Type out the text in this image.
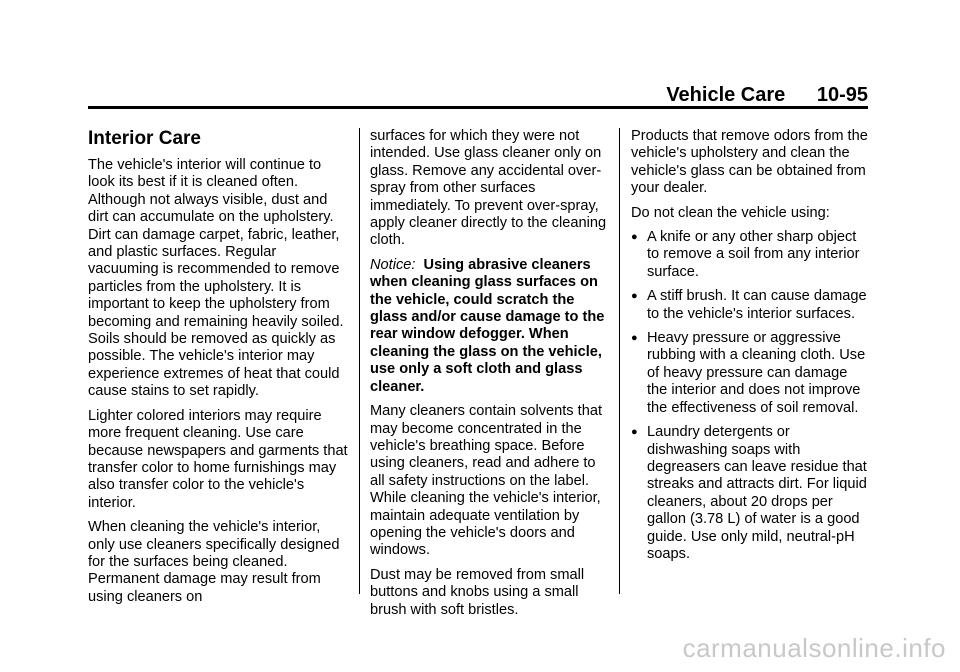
Vehicle Care 10-95
Interior Care

The vehicle's interior will continue to look its best if it is cleaned often. Although not always visible, dust and dirt can accumulate on the upholstery. Dirt can damage carpet, fabric, leather, and plastic surfaces. Regular vacuuming is recommended to remove particles from the upholstery. It is important to keep the upholstery from becoming and remaining heavily soiled. Soils should be removed as quickly as possible. The vehicle's interior may experience extremes of heat that could cause stains to set rapidly.

Lighter colored interiors may require more frequent cleaning. Use care because newspapers and garments that transfer color to home furnishings may also transfer color to the vehicle's interior.

When cleaning the vehicle's interior, only use cleaners specifically designed for the surfaces being cleaned. Permanent damage may result from using cleaners on

surfaces for which they were not intended. Use glass cleaner only on glass. Remove any accidental over-spray from other surfaces immediately. To prevent over-spray, apply cleaner directly to the cleaning cloth.

Notice: Using abrasive cleaners when cleaning glass surfaces on the vehicle, could scratch the glass and/or cause damage to the rear window defogger. When cleaning the glass on the vehicle, use only a soft cloth and glass cleaner.

Many cleaners contain solvents that may become concentrated in the vehicle's breathing space. Before using cleaners, read and adhere to all safety instructions on the label. While cleaning the vehicle's interior, maintain adequate ventilation by opening the vehicle's doors and windows.

Dust may be removed from small buttons and knobs using a small brush with soft bristles.

Products that remove odors from the vehicle's upholstery and clean the vehicle's glass can be obtained from your dealer.

Do not clean the vehicle using:

● A knife or any other sharp object to remove a soil from any interior surface.
● A stiff brush. It can cause damage to the vehicle's interior surfaces.
● Heavy pressure or aggressive rubbing with a cleaning cloth. Use of heavy pressure can damage the interior and does not improve the effectiveness of soil removal.
● Laundry detergents or dishwashing soaps with degreasers can leave residue that streaks and attracts dirt. For liquid cleaners, about 20 drops per gallon (3.78 L) of water is a good guide. Use only mild, neutral-pH soaps.
carmanualsonline.info
